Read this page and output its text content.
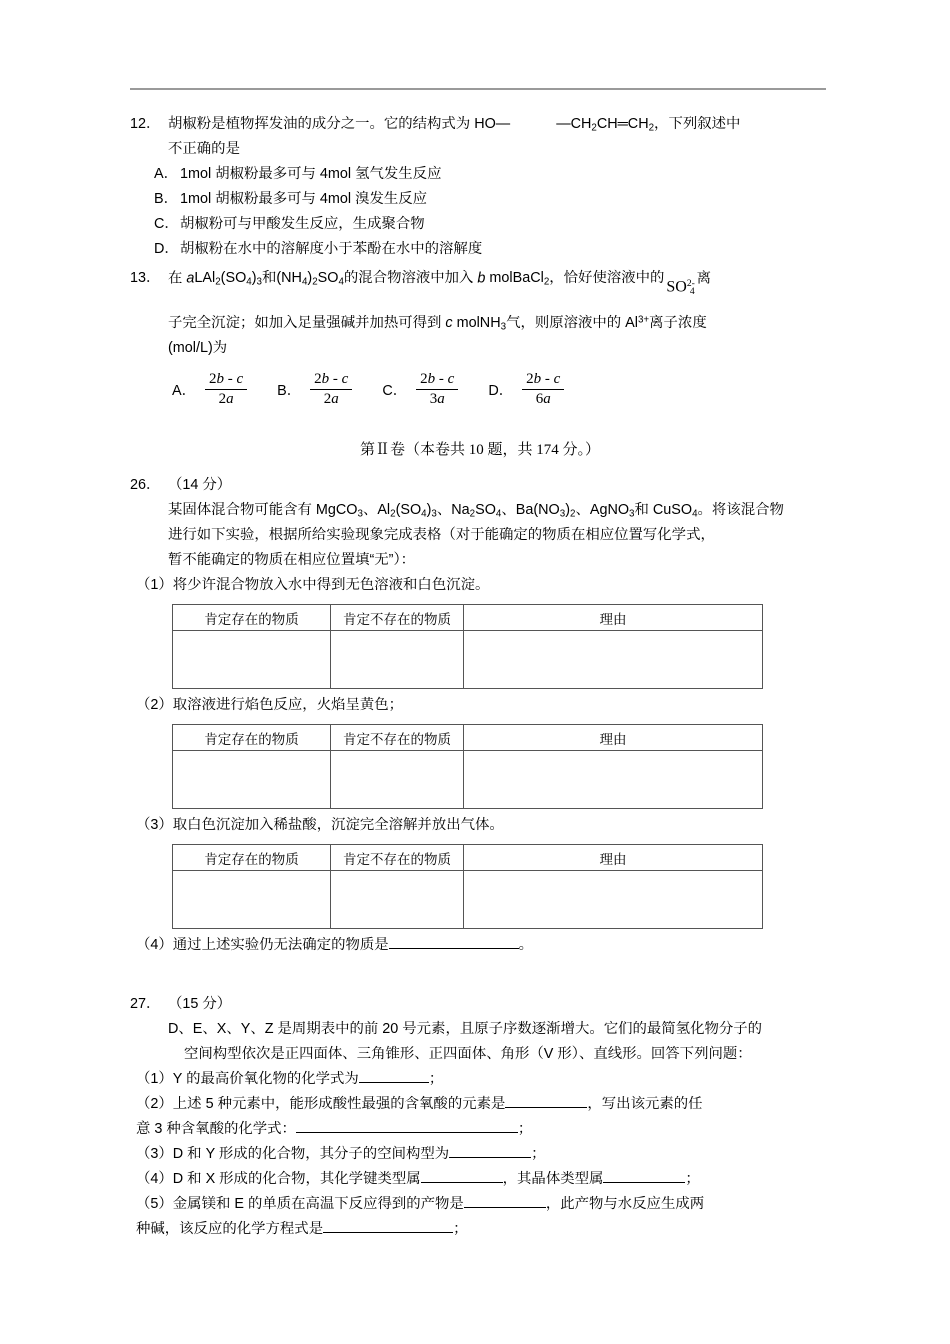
12． 胡椒粉是植物挥发油的成分之一。它的结构式为 HO—	$—CH_2CH═CH_2$，下列叙述中
不正确的是
A． 1mol 胡椒粉最多可与 4mol 氢气发生反应
B． 1mol 胡椒粉最多可与 4mol 溴发生反应
C．胡椒粉可与甲酸发生反应，生成聚合物
D．胡椒粉在水中的溶解度小于苯酚在水中的溶解度
13． 在 $aLAl_2(SO_4)_3$和$(NH_4)_2SO_4$的混合物溶液中加入 b molBaCl$_2$，恰好使溶液中的 $SO^{2-}4$离
子完全沉淀；如加入足量强碱并加热可得到 c molNH$_3$气，则原溶液中的 $Al^{3+}$离子浓度
(mol/L)为
A． $\frac{2b - c}{2a}$ B． $\frac{2b - c}{2a}$ C． $\frac{2b - c}{3a}$ D． $\frac{2b - c}{6a}$
第Ⅱ卷（本卷共 10 题，共 174 分。）
26． （14 分）
某固体混合物可能含有 MgCO$_3$、$Al_2(SO_4)_3$、$Na_2SO_4$、$Ba(NO_3)_2$、AgNO$_3$和 CuSO$_4$。将该混合物
进行如下实验，根据所给实验现象完成表格（对于能确定的物质在相应位置写化学式，
暂不能确定的物质在相应位置填“无”）：
（1）将少许混合物放入水中得到无色溶液和白色沉淀。
肯定存在的物质	肯定不存在的物质	理由

（2）取溶液进行焰色反应，火焰呈黄色；
肯定存在的物质	肯定不存在的物质	理由

（3）取白色沉淀加入稀盐酸，沉淀完全溶解并放出气体。
肯定存在的物质	肯定不存在的物质	理由

（4）通过上述实验仍无法确定的物质是	。
27． （15 分）
D、E、X、Y、Z 是周期表中的前 20 号元素，且原子序数逐渐增大。它们的最简氢化物分子的
空间构型依次是正四面体、三角锥形、正四面体、角形（V 形）、直线形。回答下列问题：
（1）Y 的最高价氧化物的化学式为	；
（2）上述 5 种元素中，能形成酸性最强的含氧酸的元素是	，写出该元素的任
意 3 种含氧酸的化学式：	；
（3）D 和 Y 形成的化合物，其分子的空间构型为	；
（4）D 和 X 形成的化合物，其化学键类型属	，其晶体类型属	；
（5）金属镁和 E 的单质在高温下反应得到的产物是	，此产物与水反应生成两
种碱，该反应的化学方程式是	；
